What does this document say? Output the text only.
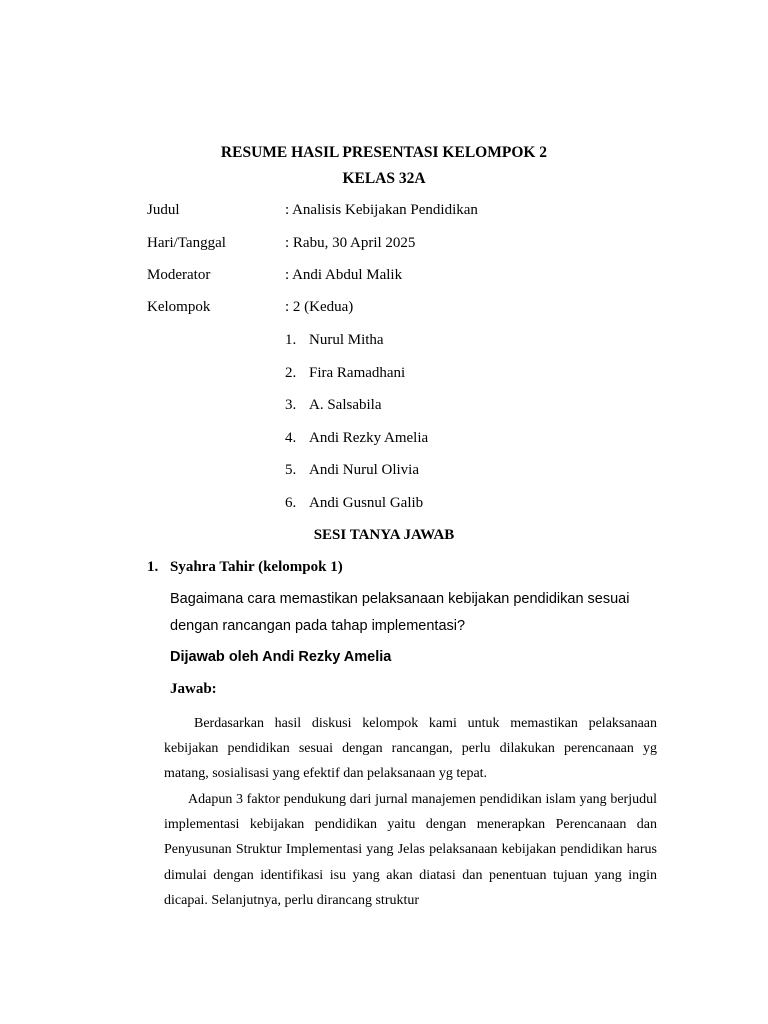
RESUME HASIL PRESENTASI KELOMPOK 2
KELAS 32A
Judul	: Analisis Kebijakan Pendidikan
Hari/Tanggal	: Rabu, 30 April 2025
Moderator	: Andi Abdul Malik
Kelompok	: 2 (Kedua)
1. Nurul Mitha
2. Fira Ramadhani
3. A. Salsabila
4. Andi Rezky Amelia
5. Andi Nurul Olivia
6. Andi Gusnul Galib
SESI TANYA JAWAB
1. Syahra Tahir (kelompok 1)
Bagaimana cara memastikan pelaksanaan kebijakan pendidikan sesuai dengan rancangan pada tahap implementasi?
Dijawab oleh Andi Rezky Amelia
Jawab:
Berdasarkan hasil diskusi kelompok kami untuk memastikan pelaksanaan kebijakan pendidikan sesuai dengan rancangan, perlu dilakukan perencanaan yg matang, sosialisasi yang efektif dan pelaksanaan yg tepat.
Adapun 3 faktor pendukung dari jurnal manajemen pendidikan islam yang berjudul implementasi kebijakan pendidikan yaitu dengan menerapkan Perencanaan dan Penyusunan Struktur Implementasi yang Jelas pelaksanaan kebijakan pendidikan harus dimulai dengan identifikasi isu yang akan diatasi dan penentuan tujuan yang ingin dicapai. Selanjutnya, perlu dirancang struktur
